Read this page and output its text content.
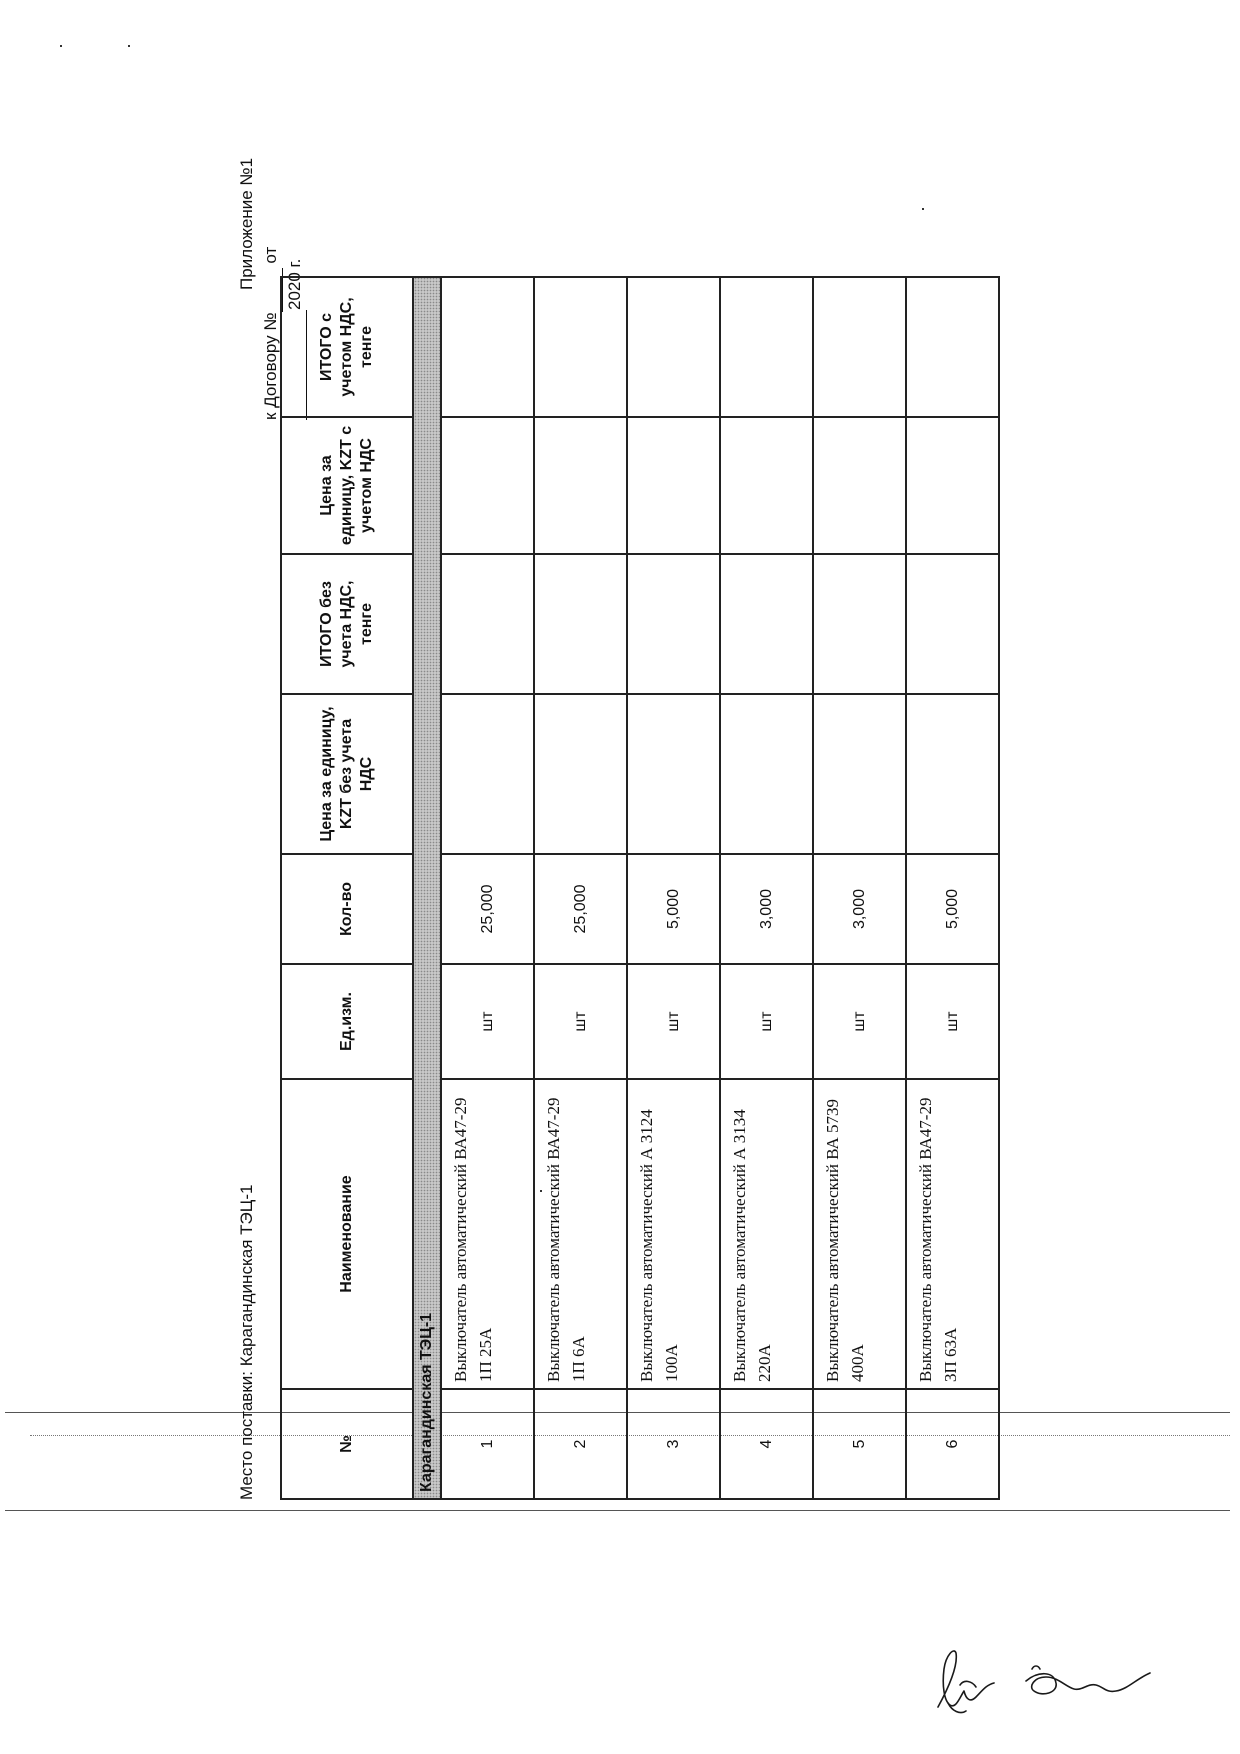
Место поставки: Карагандинская ТЭЦ-1
Приложение №1
к Договору № от
2020 г.
№	Наименование	Ед.изм.	Кол-во	Цена за единицу, KZT без учета НДС	ИТОГО без учета НДС, тенге	Цена за единицу, KZT с учетом НДС	ИТОГО с учетом НДС, тенге
Карагандинская ТЭЦ-1							
1	Выключатель автоматический ВА47-29 1П 25А	шт	25,000				
2	Выключатель автоматический ВА47-29 1П 6А	шт	25,000				
3	Выключатель автоматический А 3124 100А	шт	5,000				
4	Выключатель автоматический А 3134 220А	шт	3,000				
5	Выключатель автоматический ВА 5739 400А	шт	3,000				
6	Выключатель автоматический ВА47-29 3П 63А	шт	5,000				
